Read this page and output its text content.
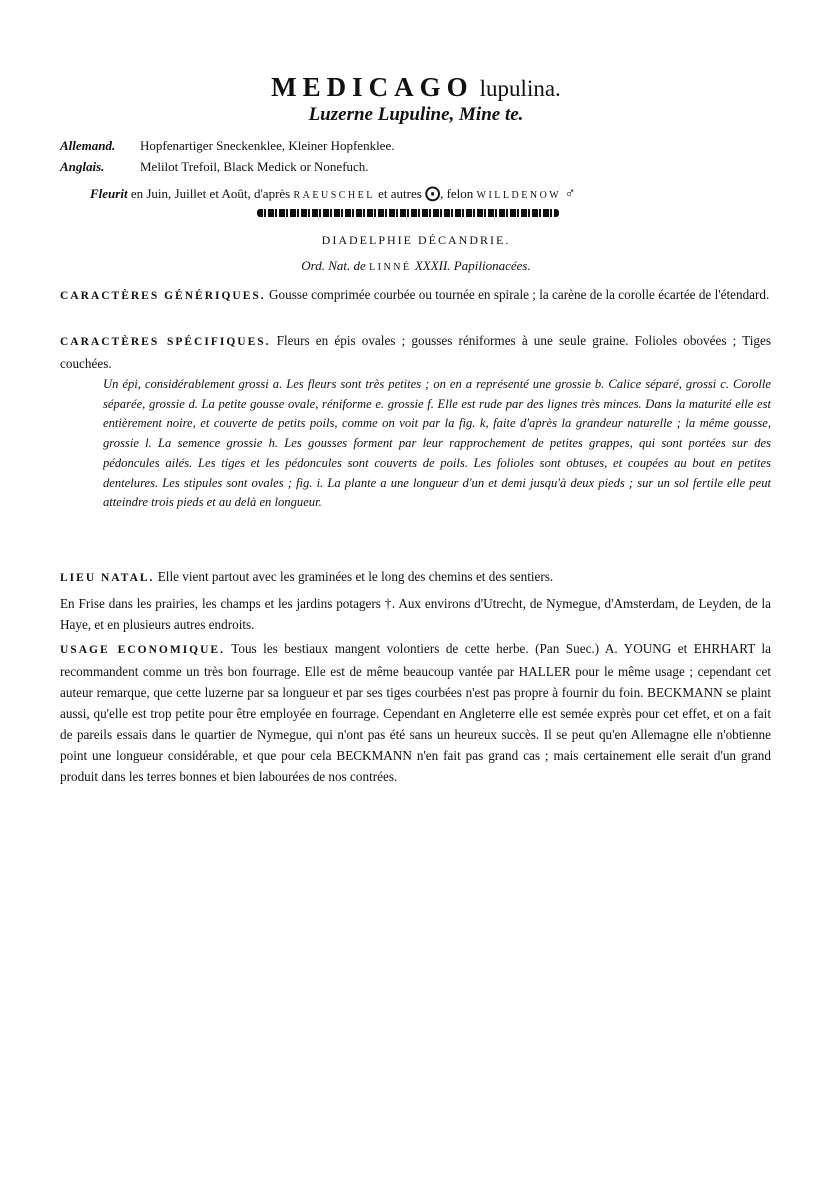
MEDICAGO lupulina.
Luzerne Lupuline, Mine te.
Allemand. Hopfenartiger Sneckenklee, Kleiner Hopfenklee.
Anglais.	Melilot Trefoil, Black Medick or Nonefuch.
Fleurit en Juin, Juillet et Août, d'après RAEUSCHEL et autres ⨀, felon WILLDENOW ♂
DIADELPHIE DÉCANDRIE.
Ord. Nat. de LINNÉ XXXII. Papilionacées.
CARACTÈRES GÉNÉRIQUES. Gousse comprimée courbée ou tournée en spirale ; la carène de la corolle écartée de l'étendard.
CARACTÈRES SPÉCIFIQUES. Fleurs en épis ovales ; gousses réniformes à une seule graine. Folioles obovées ; Tiges couchées.
Un épi, considérablement grossi a. Les fleurs sont très petites ; on en a représenté une grossie b. Calice séparé, grossi c. Corolle séparée, grossie d. La petite gousse ovale, réniforme e. grossie f. Elle est rude par des lignes très minces. Dans la maturité elle est entièrement noire, et couverte de petits poils, comme on voit par la fig. k, faite d'après la grandeur naturelle ; la même gousse, grossie l. La semence grossie h. Les gousses forment par leur rapprochement de petites grappes, qui sont portées sur des pédoncules ailés. Les tiges et les pédoncules sont couverts de poils. Les folioles sont obtuses, et coupées au bout en petites dentelures. Les stipules sont ovales ; fig. i. La plante a une longueur d'un et demi jusqu'à deux pieds ; sur un sol fertile elle peut atteindre trois pieds et au delà en longueur.
LIEU NATAL. Elle vient partout avec les graminées et le long des chemins et des sentiers.
En Frise dans les prairies, les champs et les jardins potagers †. Aux environs d'Utrecht, de Nymegue, d'Amsterdam, de Leyden, de la Haye, et en plusieurs autres endroits.
USAGE ECONOMIQUE. Tous les bestiaux mangent volontiers de cette herbe. (Pan Suec.) A. YOUNG et EHRHART la recommandent comme un très bon fourrage. Elle est de même beaucoup vantée par HALLER pour le même usage ; cependant cet auteur remarque, que cette luzerne par sa longueur et par ses tiges courbées n'est pas propre à fournir du foin. BECKMANN se plaint aussi, qu'elle est trop petite pour être employée en fourrage. Cependant en Angleterre elle est semée exprès pour cet effet, et on a fait de pareils essais dans le quartier de Nymegue, qui n'ont pas été sans un heureux succès. Il se peut qu'en Allemagne elle n'obtienne point une longueur considérable, et que pour cela BECKMANN n'en fait pas grand cas ; mais certainement elle serait d'un grand produit dans les terres bonnes et bien labourées de nos contrées.
